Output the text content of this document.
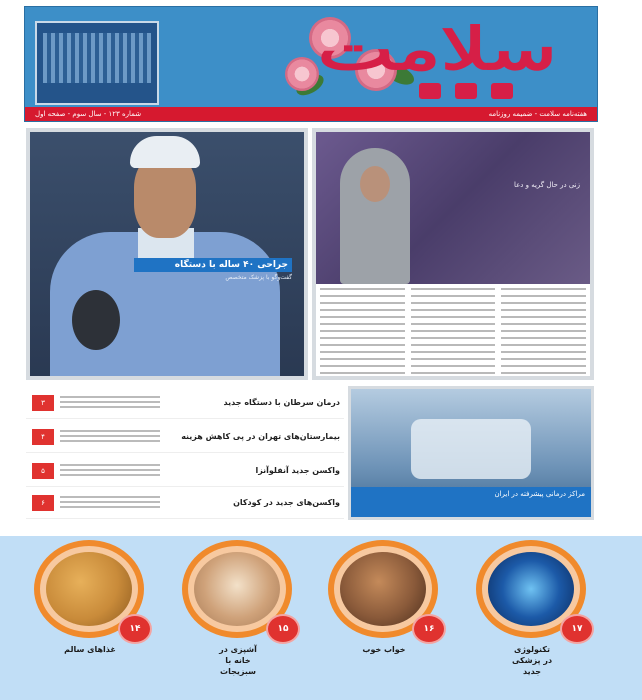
سلامت
شماره ۱۲۳ - سال سوم - صفحه اول	هفته‌نامه سلامت - ضمیمه روزنامه
جراحی ۴۰ ساله با دستگاه
گفت‌وگو با پزشک متخصص
زنی در حال گریه و دعا
۳	درمان سرطان با دستگاه جدید
۴	بیمارستان‌های تهران در پی کاهش هزینه
۵	واکسن جدید آنفلوآنزا
۶	واکسن‌های جدید در کودکان
مراکز درمانی پیشرفته در ایران
۱۴
غذاهای سالم
۱۵
آشپزی در
خانه با
سبزیجات
۱۶
خواب خوب
۱۷
تکنولوژی
در پزشکی
جدید
